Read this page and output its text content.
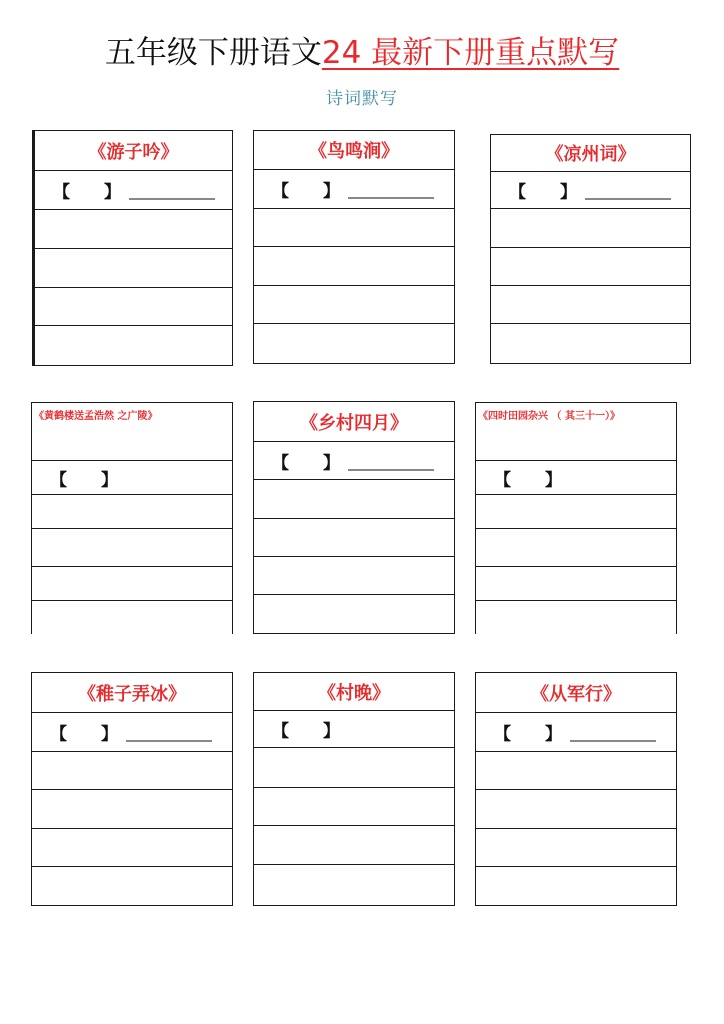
五年级下册语文24 最新下册重点默写
诗词默写
《游子吟》
【　　】
《鸟鸣涧》
【　　】
《凉州词》
【　　】
《黄鹤楼送孟浩然 之广陵》
【　　】
《乡村四月》
【　　】
《四时田园杂兴 （ 其三十一）》
【　　】
《稚子弄冰》
【　　】
《村晚》
【　　】
《从军行》
【　　】
